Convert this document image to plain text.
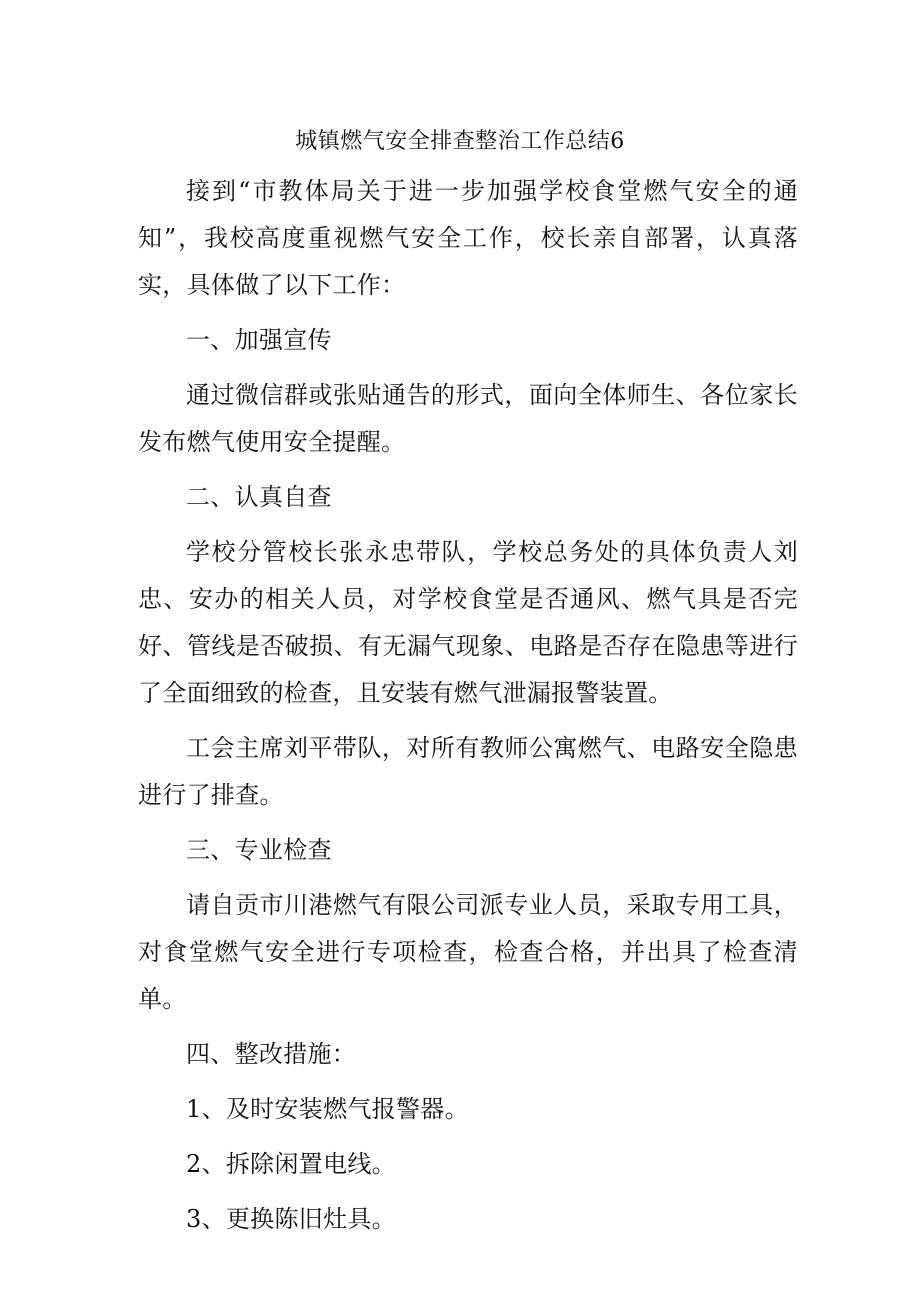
城镇燃气安全排查整治工作总结6

接到“市教体局关于进一步加强学校食堂燃气安全的通知”，我校高度重视燃气安全工作，校长亲自部署，认真落实，具体做了以下工作：

一、加强宣传

通过微信群或张贴通告的形式，面向全体师生、各位家长发布燃气使用安全提醒。

二、认真自查

学校分管校长张永忠带队，学校总务处的具体负责人刘忠、安办的相关人员，对学校食堂是否通风、燃气具是否完好、管线是否破损、有无漏气现象、电路是否存在隐患等进行了全面细致的检查，且安装有燃气泄漏报警装置。

工会主席刘平带队，对所有教师公寓燃气、电路安全隐患进行了排查。

三、专业检查

请自贡市川港燃气有限公司派专业人员，采取专用工具，对食堂燃气安全进行专项检查，检查合格，并出具了检查清单。

四、整改措施：

1、及时安装燃气报警器。

2、拆除闲置电线。

3、更换陈旧灶具。
